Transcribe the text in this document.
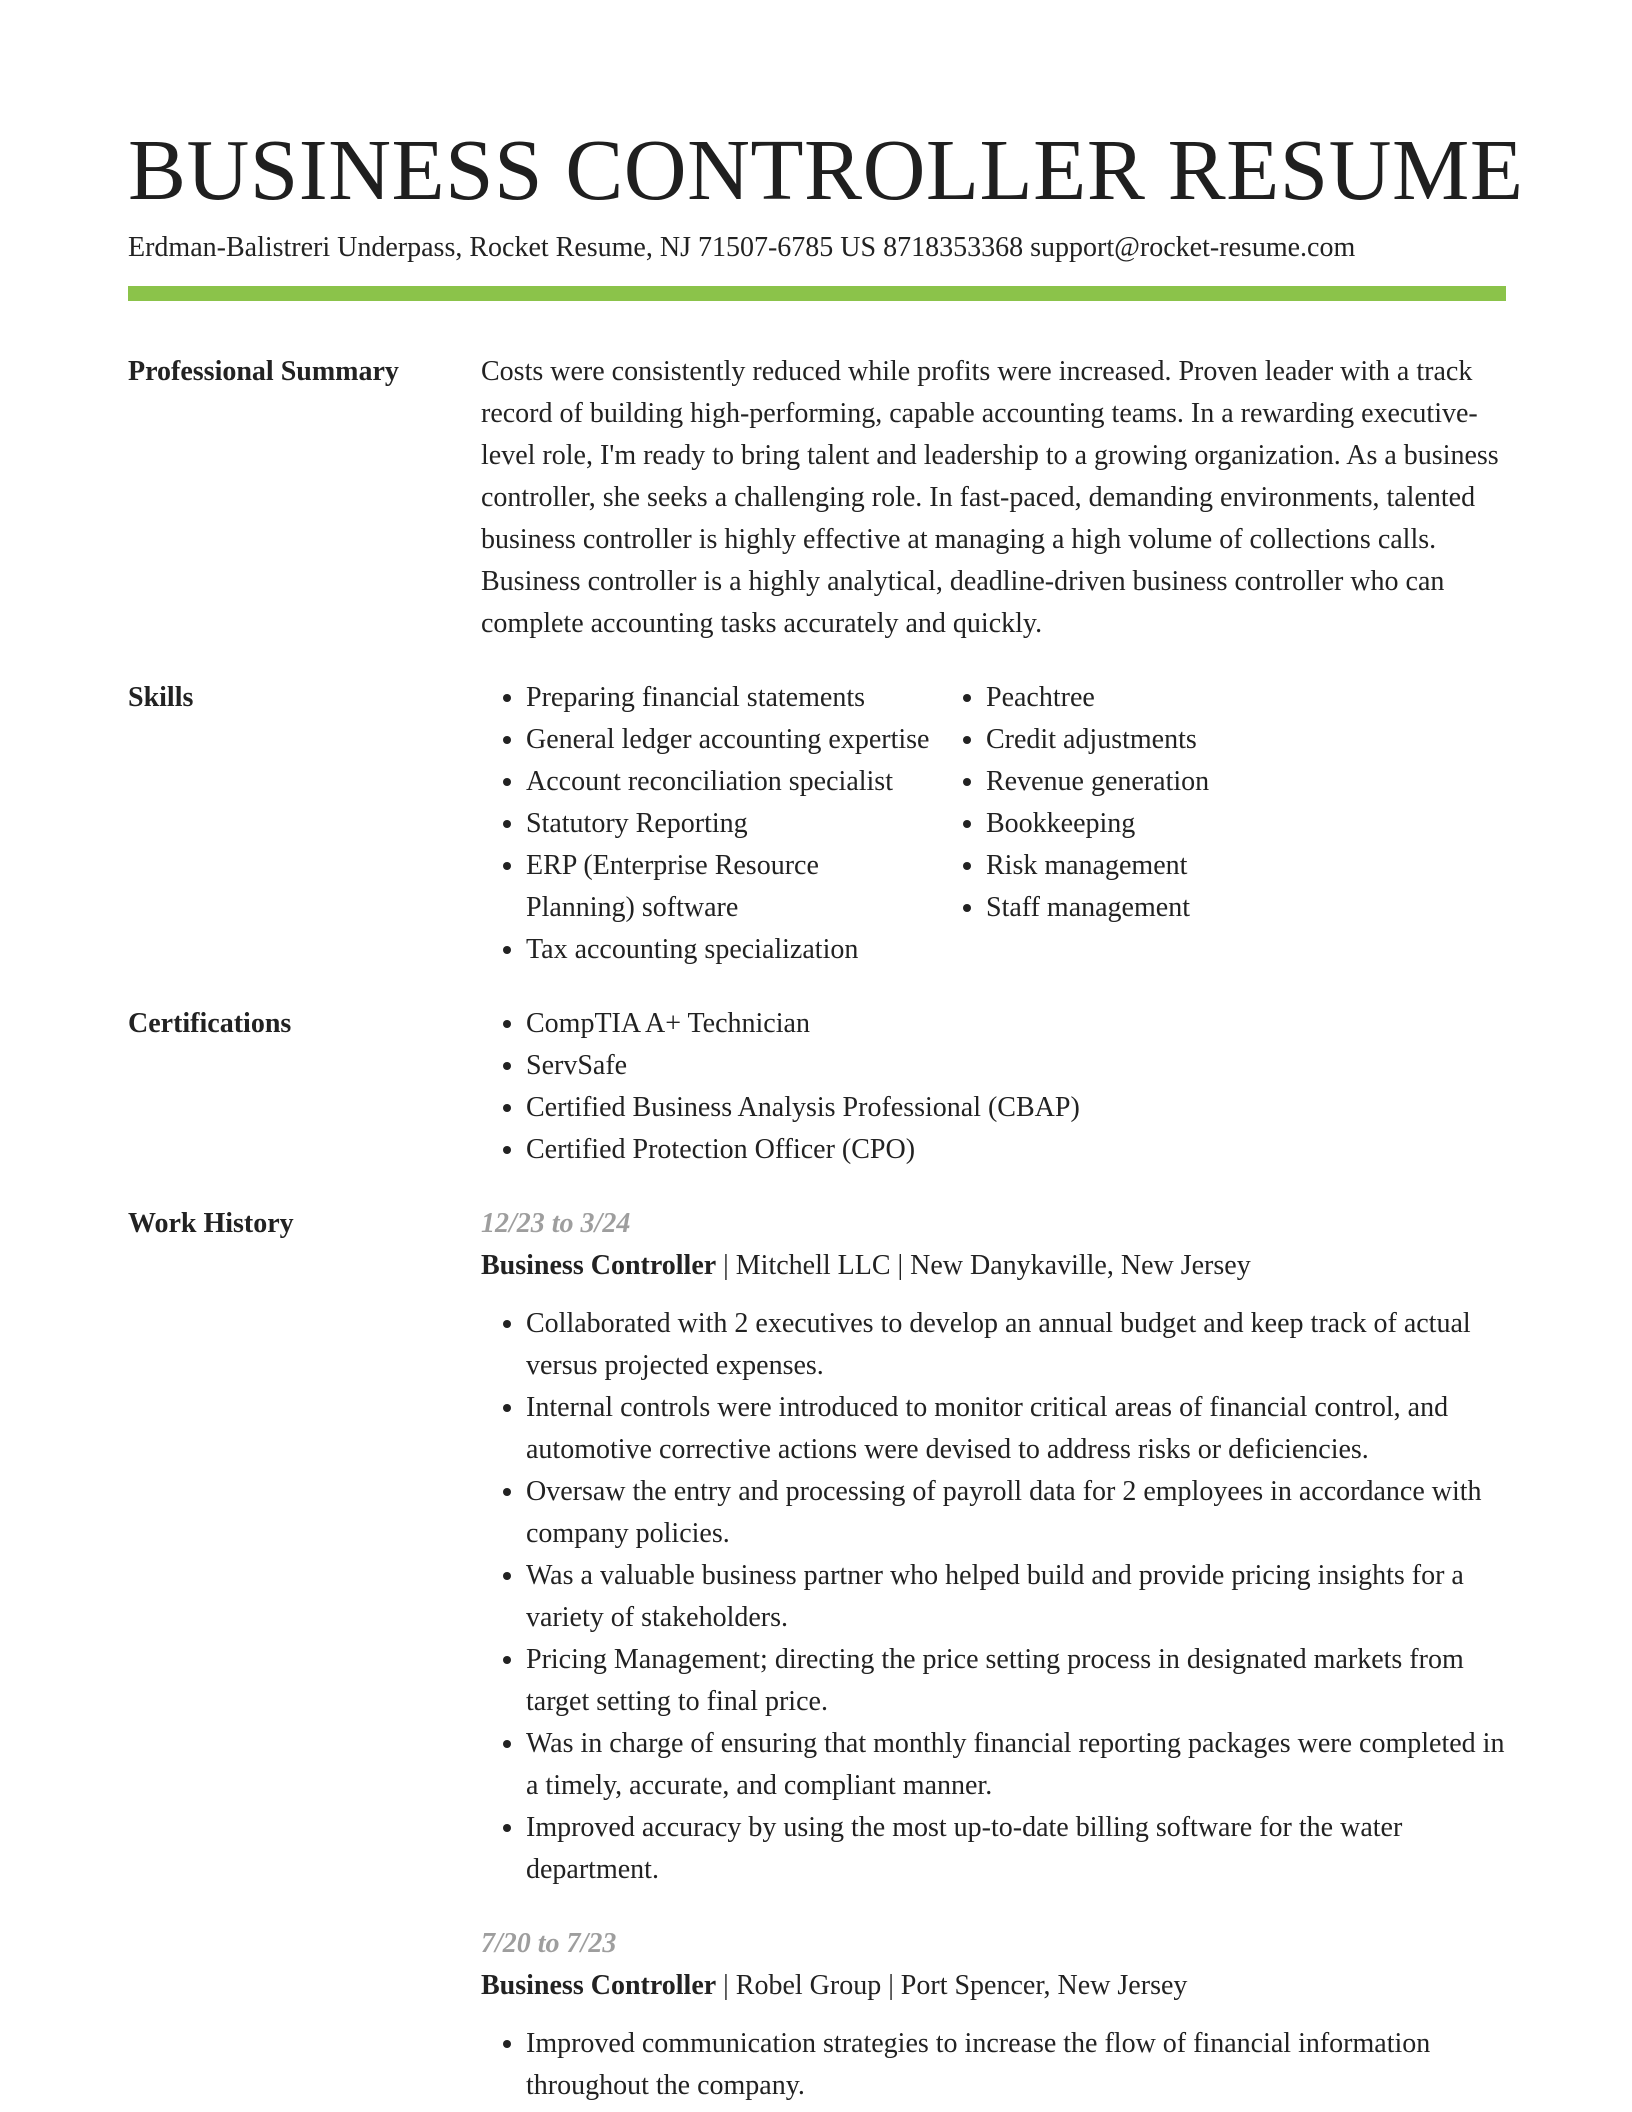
BUSINESS CONTROLLER RESUME
Erdman-Balistreri Underpass, Rocket Resume, NJ 71507-6785 US 8718353368 support@rocket-resume.com
Professional Summary	Costs were consistently reduced while profits were increased. Proven leader with a track record of building high-performing, capable accounting teams. In a rewarding executive-level role, I'm ready to bring talent and leadership to a growing organization. As a business controller, she seeks a challenging role. In fast-paced, demanding environments, talented business controller is highly effective at managing a high volume of collections calls. Business controller is a highly analytical, deadline-driven business controller who can complete accounting tasks accurately and quickly.
Skills	• Preparing financial statements
• General ledger accounting expertise
• Account reconciliation specialist
• Statutory Reporting
• ERP (Enterprise Resource Planning) software
• Tax accounting specialization
• Peachtree
• Credit adjustments
• Revenue generation
• Bookkeeping
• Risk management
• Staff management
Certifications	• CompTIA A+ Technician
• ServSafe
• Certified Business Analysis Professional (CBAP)
• Certified Protection Officer (CPO)
Work History	12/23 to 3/24
Business Controller | Mitchell LLC | New Danykaville, New Jersey
• Collaborated with 2 executives to develop an annual budget and keep track of actual versus projected expenses.
• Internal controls were introduced to monitor critical areas of financial control, and automotive corrective actions were devised to address risks or deficiencies.
• Oversaw the entry and processing of payroll data for 2 employees in accordance with company policies.
• Was a valuable business partner who helped build and provide pricing insights for a variety of stakeholders.
• Pricing Management; directing the price setting process in designated markets from target setting to final price.
• Was in charge of ensuring that monthly financial reporting packages were completed in a timely, accurate, and compliant manner.
• Improved accuracy by using the most up-to-date billing software for the water department.
7/20 to 7/23
Business Controller | Robel Group | Port Spencer, New Jersey
• Improved communication strategies to increase the flow of financial information throughout the company.
